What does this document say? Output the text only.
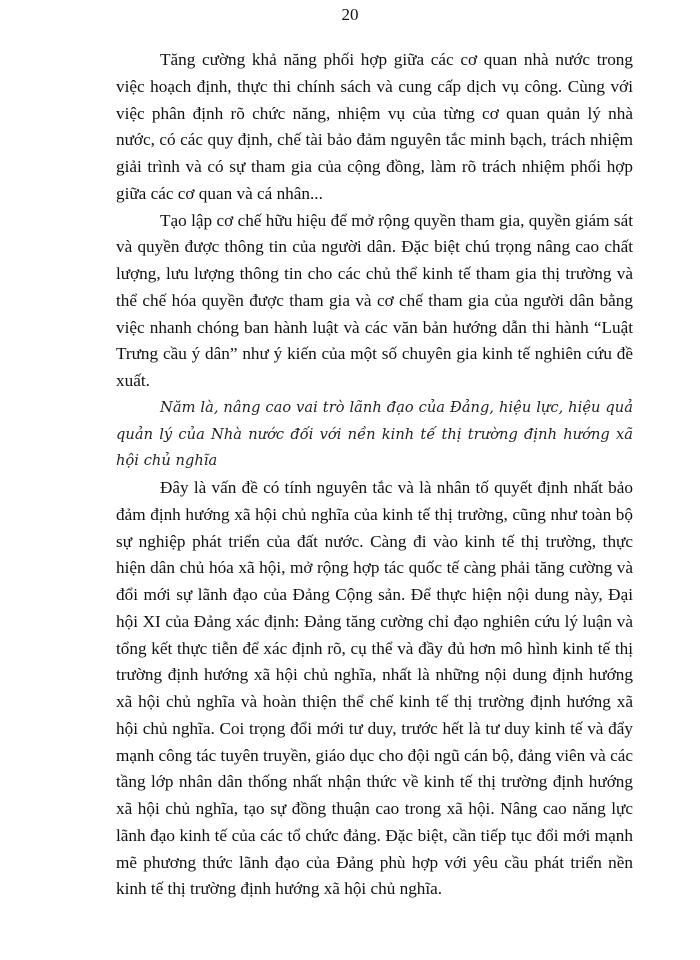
20

Tăng cường khả năng phối hợp giữa các cơ quan nhà nước trong việc hoạch định, thực thi chính sách và cung cấp dịch vụ công. Cùng với việc phân định rõ chức năng, nhiệm vụ của từng cơ quan quản lý nhà nước, có các quy định, chế tài bảo đảm nguyên tắc minh bạch, trách nhiệm giải trình và có sự tham gia của cộng đồng, làm rõ trách nhiệm phối hợp giữa các cơ quan và cá nhân...

Tạo lập cơ chế hữu hiệu để mở rộng quyền tham gia, quyền giám sát và quyền được thông tin của người dân. Đặc biệt chú trọng nâng cao chất lượng, lưu lượng thông tin cho các chủ thể kinh tế tham gia thị trường và thể chế hóa quyền được tham gia và cơ chế tham gia của người dân bằng việc nhanh chóng ban hành luật và các văn bản hướng dẫn thi hành “Luật Trưng cầu ý dân” như ý kiến của một số chuyên gia kinh tế nghiên cứu đề xuất.

Năm là, nâng cao vai trò lãnh đạo của Đảng, hiệu lực, hiệu quả quản lý của Nhà nước đối với nền kinh tế thị trường định hướng xã hội chủ nghĩa

Đây là vấn đề có tính nguyên tắc và là nhân tố quyết định nhất bảo đảm định hướng xã hội chủ nghĩa của kinh tế thị trường, cũng như toàn bộ sự nghiệp phát triển của đất nước. Càng đi vào kinh tế thị trường, thực hiện dân chủ hóa xã hội, mở rộng hợp tác quốc tế càng phải tăng cường và đổi mới sự lãnh đạo của Đảng Cộng sản. Để thực hiện nội dung này, Đại hội XI của Đảng xác định: Đảng tăng cường chỉ đạo nghiên cứu lý luận và tổng kết thực tiễn để xác định rõ, cụ thể và đầy đủ hơn mô hình kinh tế thị trường định hướng xã hội chủ nghĩa, nhất là những nội dung định hướng xã hội chủ nghĩa và hoàn thiện thể chế kinh tế thị trường định hướng xã hội chủ nghĩa. Coi trọng đổi mới tư duy, trước hết là tư duy kinh tế và đẩy mạnh công tác tuyên truyền, giáo dục cho đội ngũ cán bộ, đảng viên và các tầng lớp nhân dân thống nhất nhận thức về kinh tế thị trường định hướng xã hội chủ nghĩa, tạo sự đồng thuận cao trong xã hội. Nâng cao năng lực lãnh đạo kinh tế của các tổ chức đảng. Đặc biệt, cần tiếp tục đổi mới mạnh mẽ phương thức lãnh đạo của Đảng phù hợp với yêu cầu phát triển nền kinh tế thị trường định hướng xã hội chủ nghĩa.
